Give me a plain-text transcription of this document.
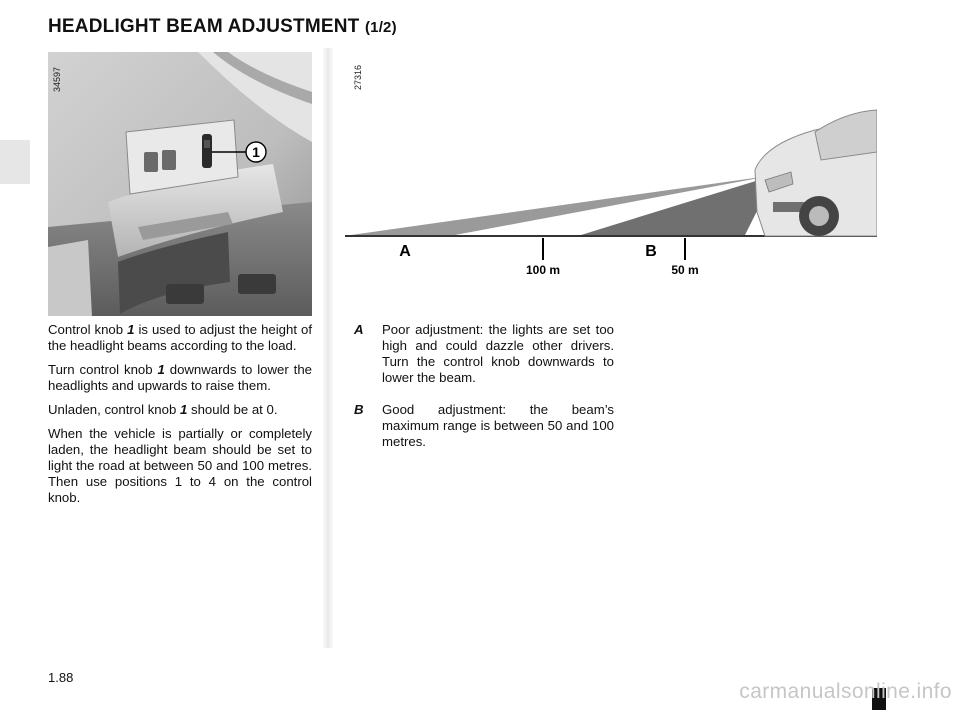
HEADLIGHT BEAM ADJUSTMENT (1/2)
1
34597
A	B
100 m	50 m
27316

Control knob 1 is used to adjust the height of the headlight beams according to the load.

Turn control knob 1 downwards to lower the headlights and upwards to raise them.

Unladen, control knob 1 should be at 0.

When the vehicle is partially or completely laden, the headlight beam should be set to light the road at between 50 and 100 metres. Then use positions 1 to 4 on the control knob.

A Poor adjustment: the lights are set too high and could dazzle other drivers. Turn the control knob downwards to lower the beam.
B Good adjustment: the beam’s maximum range is between 50 and 100 metres.
1.88
carmanualsonline.info
